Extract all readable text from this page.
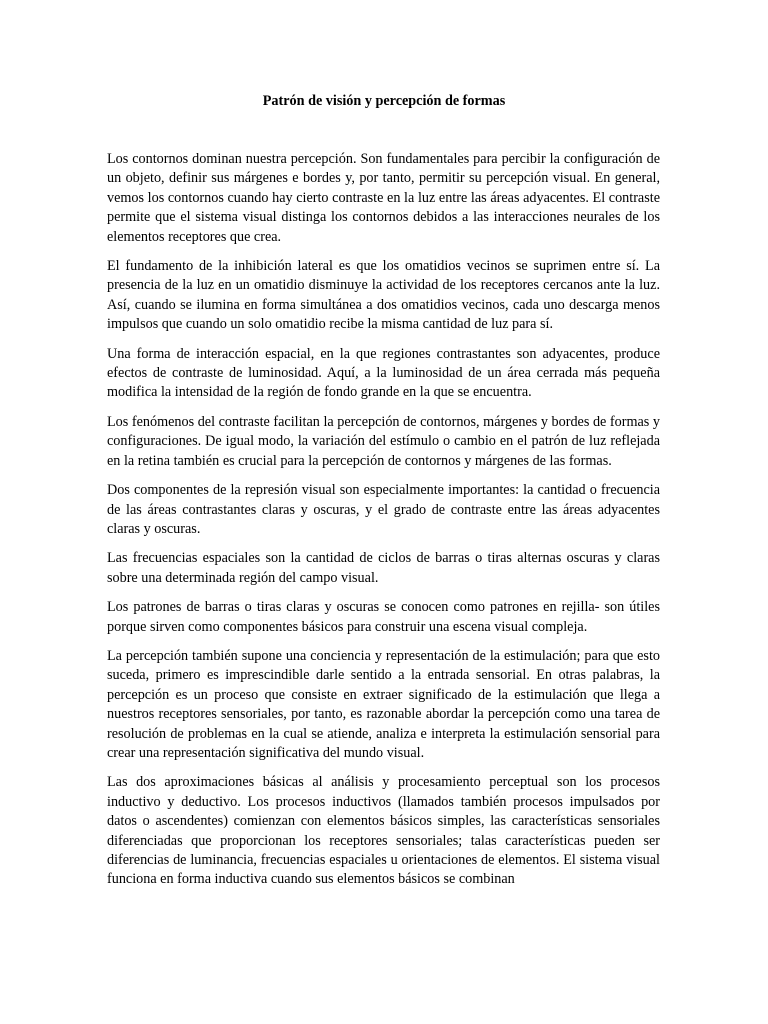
Patrón de visión y percepción de formas

Los contornos dominan nuestra percepción. Son fundamentales para percibir la configuración de un objeto, definir sus márgenes e bordes y, por tanto, permitir su percepción visual. En general, vemos los contornos cuando hay cierto contraste en la luz entre las áreas adyacentes. El contraste permite que el sistema visual distinga los contornos debidos a las interacciones neurales de los elementos receptores que crea.

El fundamento de la inhibición lateral es que los omatidios vecinos se suprimen entre sí. La presencia de la luz en un omatidio disminuye la actividad de los receptores cercanos ante la luz. Así, cuando se ilumina en forma simultánea a dos omatidios vecinos, cada uno descarga menos impulsos que cuando un solo omatidio recibe la misma cantidad de luz para sí.

Una forma de interacción espacial, en la que regiones contrastantes son adyacentes, produce efectos de contraste de luminosidad. Aquí, a la luminosidad de un área cerrada más pequeña modifica la intensidad de la región de fondo grande en la que se encuentra.

Los fenómenos del contraste facilitan la percepción de contornos, márgenes y bordes de formas y configuraciones. De igual modo, la variación del estímulo o cambio en el patrón de luz reflejada en la retina también es crucial para la percepción de contornos y márgenes de las formas.

Dos componentes de la represión visual son especialmente importantes: la cantidad o frecuencia de las áreas contrastantes claras y oscuras, y el grado de contraste entre las áreas adyacentes claras y oscuras.

Las frecuencias espaciales son la cantidad de ciclos de barras o tiras alternas oscuras y claras sobre una determinada región del campo visual.

Los patrones de barras o tiras claras y oscuras se conocen como patrones en rejilla- son útiles porque sirven como componentes básicos para construir una escena visual compleja.

La percepción también supone una conciencia y representación de la estimulación; para que esto suceda, primero es imprescindible darle sentido a la entrada sensorial. En otras palabras, la percepción es un proceso que consiste en extraer significado de la estimulación que llega a nuestros receptores sensoriales, por tanto, es razonable abordar la percepción como una tarea de resolución de problemas en la cual se atiende, analiza e interpreta la estimulación sensorial para crear una representación significativa del mundo visual.

Las dos aproximaciones básicas al análisis y procesamiento perceptual son los procesos inductivo y deductivo. Los procesos inductivos (llamados también procesos impulsados por datos o ascendentes) comienzan con elementos básicos simples, las características sensoriales diferenciadas que proporcionan los receptores sensoriales; talas características pueden ser diferencias de luminancia, frecuencias espaciales u orientaciones de elementos. El sistema visual funciona en forma inductiva cuando sus elementos básicos se combinan
